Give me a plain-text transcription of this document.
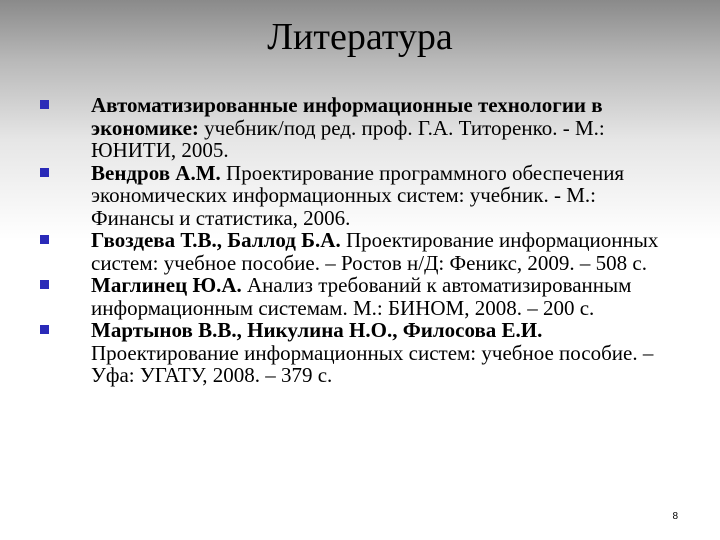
Литература
Автоматизированные информационные технологии в экономике: учебник/под ред. проф. Г.А. Титоренко. - М.: ЮНИТИ, 2005.
Вендров А.М. Проектирование программного обеспечения экономических информационных систем: учебник. - М.: Финансы и статистика, 2006.
Гвоздева Т.В., Баллод Б.А. Проектирование информационных систем: учебное пособие. – Ростов н/Д: Феникс, 2009. – 508 с.
Маглинец Ю.А. Анализ требований к автоматизированным информационным системам. М.: БИНОМ, 2008. – 200 с.
Мартынов В.В., Никулина Н.О., Филосова Е.И. Проектирование информационных систем: учебное пособие. – Уфа: УГАТУ, 2008. – 379 с.
8
